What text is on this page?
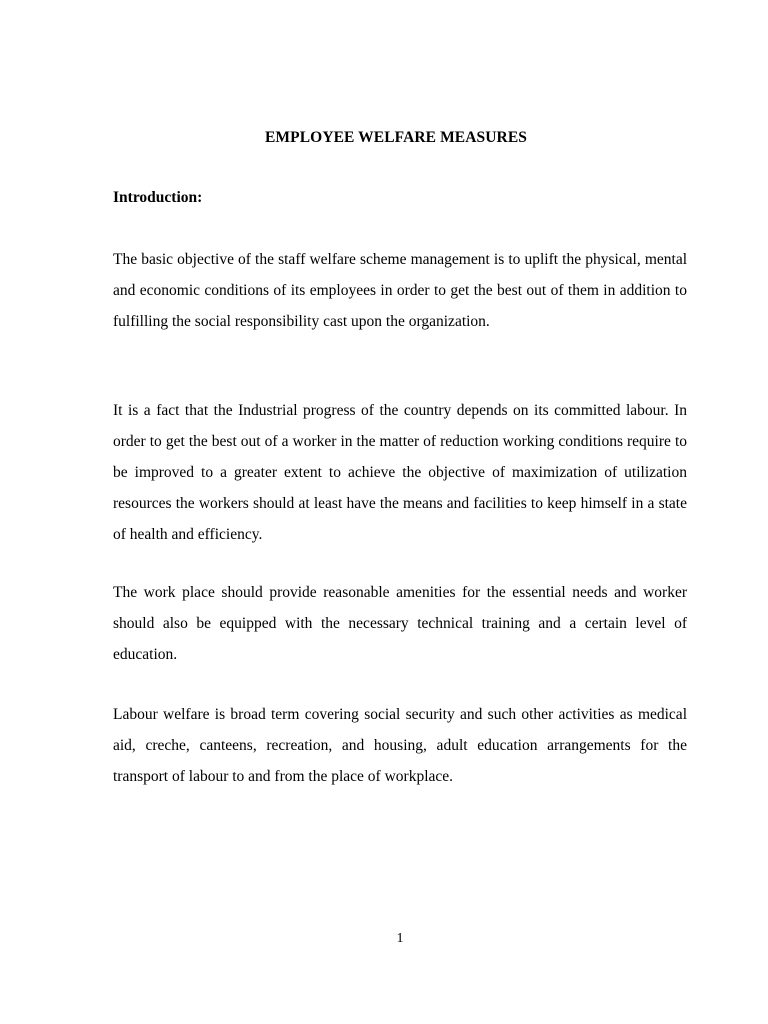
EMPLOYEE WELFARE MEASURES
Introduction:

The basic objective of the staff welfare scheme management is to uplift the physical, mental and economic conditions of its employees in order to get the best out of them in addition to fulfilling the social responsibility cast upon the organization.

It is a fact that the Industrial progress of the country depends on its committed labour. In order to get the best out of a worker in the matter of reduction working conditions require to be improved to a greater extent to achieve the objective of maximization of utilization resources the workers should at least have the means and facilities to keep himself in a state of health and efficiency.

The work place should provide reasonable amenities for the essential needs and worker should also be equipped with the necessary technical training and a certain level of education.

Labour welfare is broad term covering social security and such other activities as medical aid, creche, canteens, recreation, and housing, adult education arrangements for the transport of labour to and from the place of workplace.

1
